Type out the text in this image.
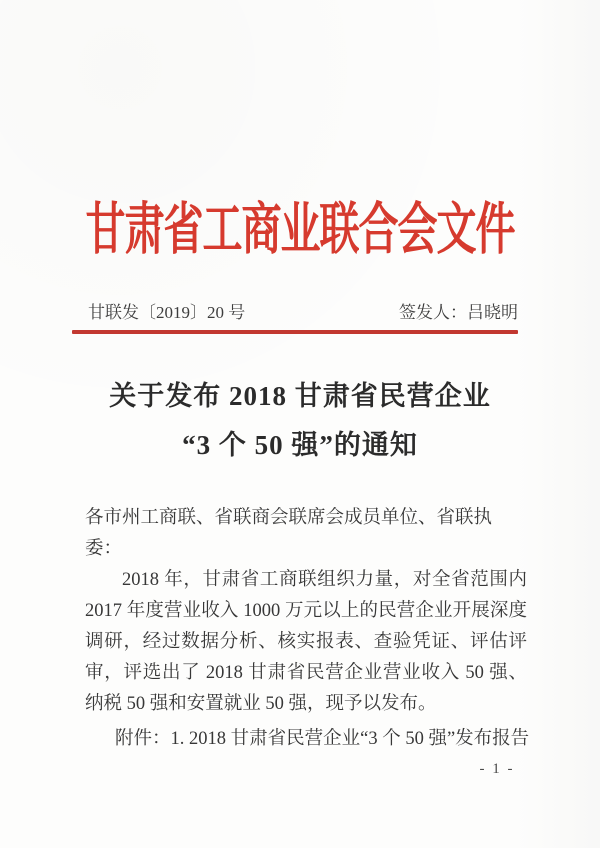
甘肃省工商业联合会文件
甘联发〔2019〕20 号	签发人：吕晓明
关于发布 2018 甘肃省民营企业
“3 个 50 强”的通知

各市州工商联、省联商会联席会成员单位、省联执委：

2018 年，甘肃省工商联组织力量，对全省范围内 2017 年度营业收入 1000 万元以上的民营企业开展深度调研，经过数据分析、核实报表、查验凭证、评估评审，评选出了 2018 甘肃省民营企业营业收入 50 强、纳税 50 强和安置就业 50 强，现予以发布。

附件：1. 2018 甘肃省民营企业“3 个 50 强”发布报告
- 1 -
